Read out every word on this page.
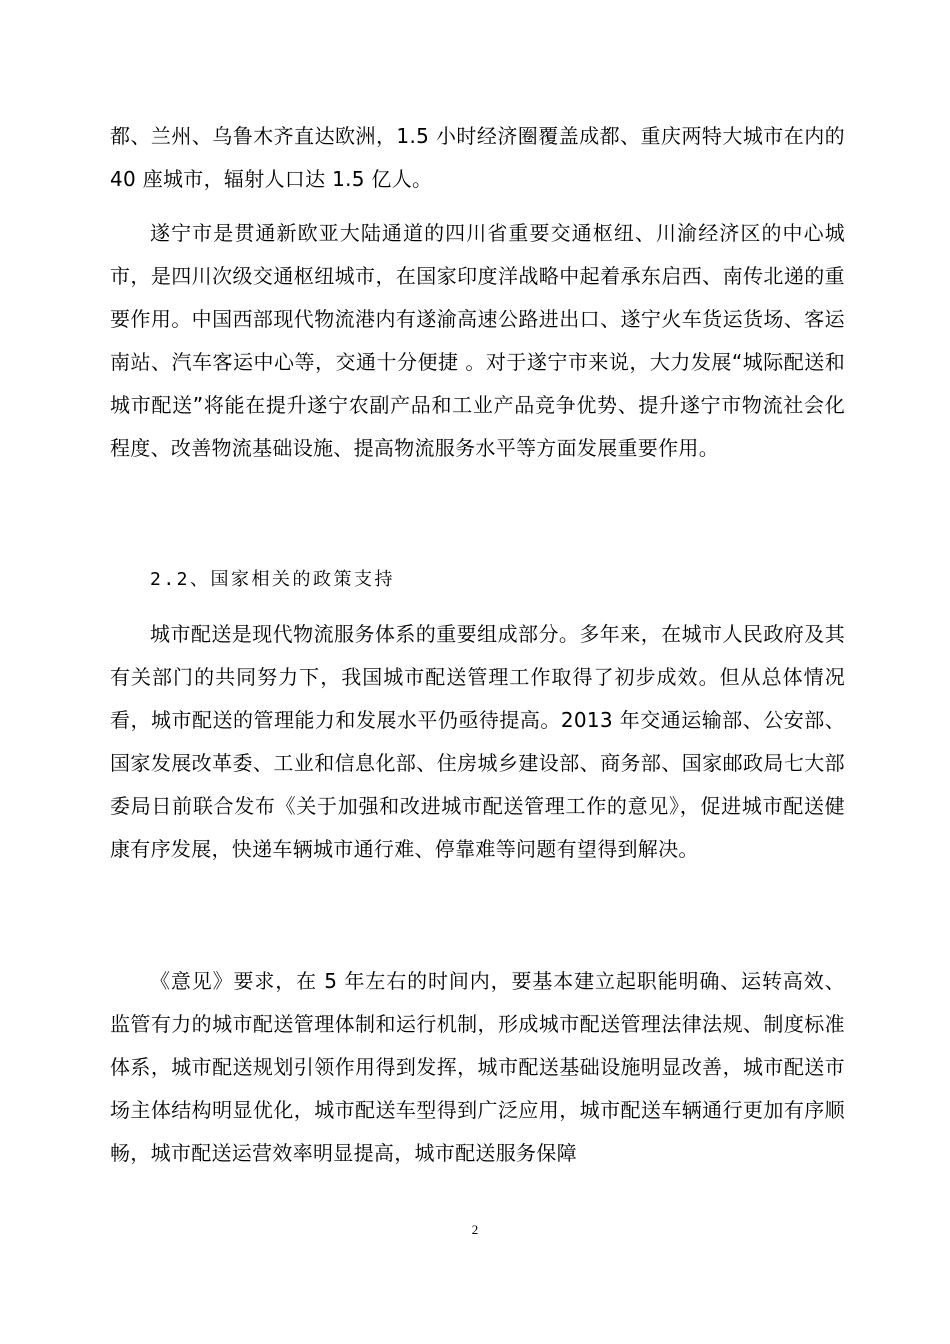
都、兰州、乌鲁木齐直达欧洲，1.5 小时经济圈覆盖成都、重庆两特大城市在内的 40 座城市，辐射人口达 1.5 亿人。

遂宁市是贯通新欧亚大陆通道的四川省重要交通枢纽、川渝经济区的中心城市，是四川次级交通枢纽城市，在国家印度洋战略中起着承东启西、南传北递的重要作用。中国西部现代物流港内有遂渝高速公路进出口、遂宁火车货运货场、客运南站、汽车客运中心等，交通十分便捷 。对于遂宁市来说，大力发展“城际配送和城市配送”将能在提升遂宁农副产品和工业产品竞争优势、提升遂宁市物流社会化程度、改善物流基础设施、提高物流服务水平等方面发展重要作用。

2.2、国家相关的政策支持

城市配送是现代物流服务体系的重要组成部分。多年来，在城市人民政府及其有关部门的共同努力下，我国城市配送管理工作取得了初步成效。但从总体情况看，城市配送的管理能力和发展水平仍亟待提高。2013 年交通运输部、公安部、国家发展改革委、工业和信息化部、住房城乡建设部、商务部、国家邮政局七大部委局日前联合发布《关于加强和改进城市配送管理工作的意见》，促进城市配送健康有序发展，快递车辆城市通行难、停靠难等问题有望得到解决。

《意见》要求，在 5 年左右的时间内，要基本建立起职能明确、运转高效、监管有力的城市配送管理体制和运行机制，形成城市配送管理法律法规、制度标准体系，城市配送规划引领作用得到发挥，城市配送基础设施明显改善，城市配送市场主体结构明显优化，城市配送车型得到广泛应用，城市配送车辆通行更加有序顺畅，城市配送运营效率明显提高，城市配送服务保障

2
